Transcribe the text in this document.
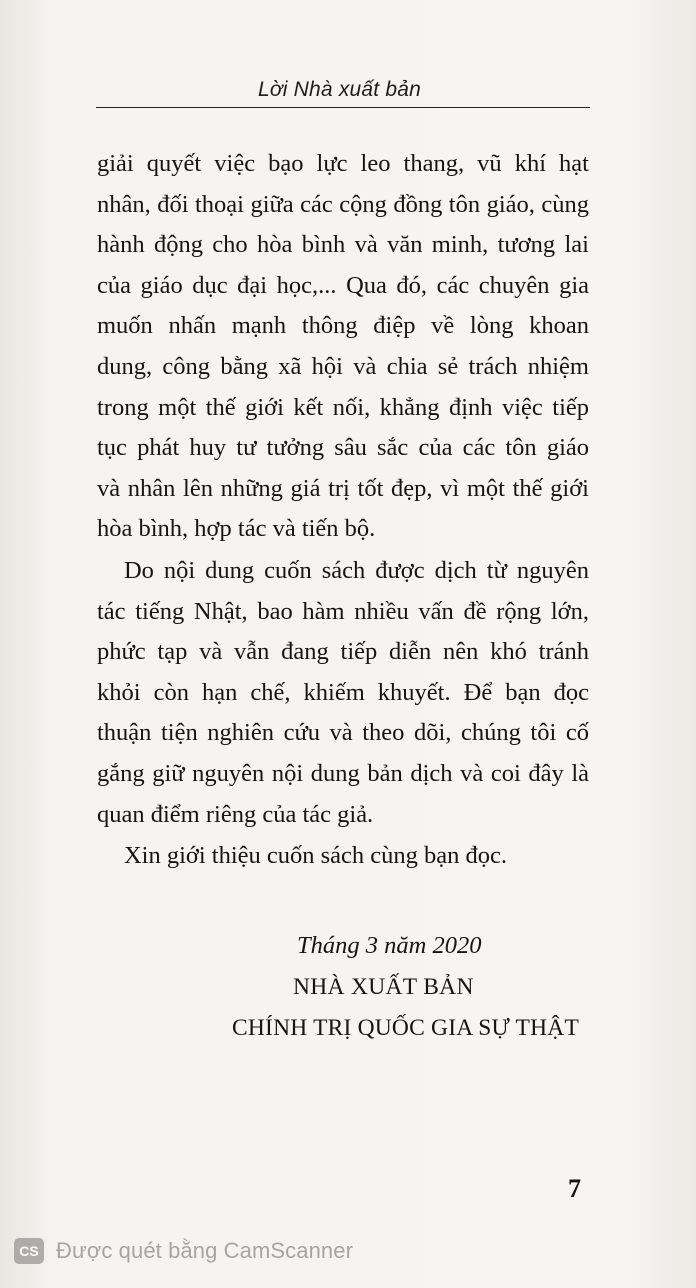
Lời Nhà xuất bản
giải quyết việc bạo lực leo thang, vũ khí hạt
nhân, đối thoại giữa các cộng đồng tôn giáo, cùng
hành động cho hòa bình và văn minh, tương lai
của giáo dục đại học,... Qua đó, các chuyên gia
muốn nhấn mạnh thông điệp về lòng khoan
dung, công bằng xã hội và chia sẻ trách nhiệm
trong một thế giới kết nối, khẳng định việc tiếp
tục phát huy tư tưởng sâu sắc của các tôn giáo
và nhân lên những giá trị tốt đẹp, vì một thế giới
hòa bình, hợp tác và tiến bộ.
Do nội dung cuốn sách được dịch từ nguyên
tác tiếng Nhật, bao hàm nhiều vấn đề rộng lớn,
phức tạp và vẫn đang tiếp diễn nên khó tránh
khỏi còn hạn chế, khiếm khuyết. Để bạn đọc
thuận tiện nghiên cứu và theo dõi, chúng tôi cố
gắng giữ nguyên nội dung bản dịch và coi đây là
quan điểm riêng của tác giả.
Xin giới thiệu cuốn sách cùng bạn đọc.
Tháng 3 năm 2020
NHÀ XUẤT BẢN
CHÍNH TRỊ QUỐC GIA SỰ THẬT
7
CS Được quét bằng CamScanner
